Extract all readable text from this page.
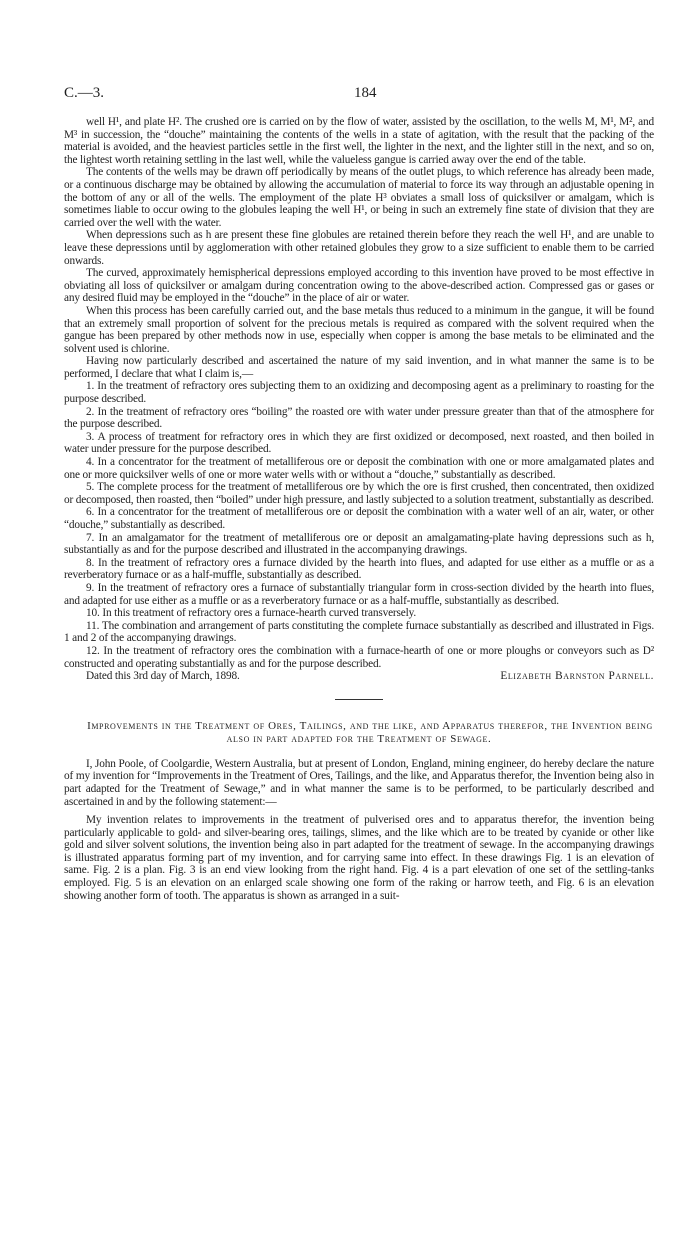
C.—3.	184

well H¹, and plate H². The crushed ore is carried on by the flow of water, assisted by the oscillation, to the wells M, M¹, M², and M³ in succession, the “douche” maintaining the contents of the wells in a state of agitation, with the result that the packing of the material is avoided, and the heaviest particles settle in the first well, the lighter in the next, and the lighter still in the next, and so on, the lightest worth retaining settling in the last well, while the valueless gangue is carried away over the end of the table.

The contents of the wells may be drawn off periodically by means of the outlet plugs, to which reference has already been made, or a continuous discharge may be obtained by allowing the accumulation of material to force its way through an adjustable opening in the bottom of any or all of the wells. The employment of the plate H³ obviates a small loss of quicksilver or amalgam, which is sometimes liable to occur owing to the globules leaping the well H¹, or being in such an extremely fine state of division that they are carried over the well with the water.

When depressions such as h are present these fine globules are retained therein before they reach the well H¹, and are unable to leave these depressions until by agglomeration with other retained globules they grow to a size sufficient to enable them to be carried onwards.

The curved, approximately hemispherical depressions employed according to this invention have proved to be most effective in obviating all loss of quicksilver or amalgam during concentration owing to the above-described action. Compressed gas or gases or any desired fluid may be employed in the “douche” in the place of air or water.

When this process has been carefully carried out, and the base metals thus reduced to a minimum in the gangue, it will be found that an extremely small proportion of solvent for the precious metals is required as compared with the solvent required when the gangue has been prepared by other methods now in use, especially when copper is among the base metals to be eliminated and the solvent used is chlorine.

Having now particularly described and ascertained the nature of my said invention, and in what manner the same is to be performed, I declare that what I claim is,—

1. In the treatment of refractory ores subjecting them to an oxidizing and decomposing agent as a preliminary to roasting for the purpose described.

2. In the treatment of refractory ores “boiling” the roasted ore with water under pressure greater than that of the atmosphere for the purpose described.

3. A process of treatment for refractory ores in which they are first oxidized or decomposed, next roasted, and then boiled in water under pressure for the purpose described.

4. In a concentrator for the treatment of metalliferous ore or deposit the combination with one or more amalgamated plates and one or more quicksilver wells of one or more water wells with or without a “douche,” substantially as described.

5. The complete process for the treatment of metalliferous ore by which the ore is first crushed, then concentrated, then oxidized or decomposed, then roasted, then “boiled” under high pressure, and lastly subjected to a solution treatment, substantially as described.

6. In a concentrator for the treatment of metalliferous ore or deposit the combination with a water well of an air, water, or other “douche,” substantially as described.

7. In an amalgamator for the treatment of metalliferous ore or deposit an amalgamating-plate having depressions such as h, substantially as and for the purpose described and illustrated in the accompanying drawings.

8. In the treatment of refractory ores a furnace divided by the hearth into flues, and adapted for use either as a muffle or as a reverberatory furnace or as a half-muffle, substantially as described.

9. In the treatment of refractory ores a furnace of substantially triangular form in cross-section divided by the hearth into flues, and adapted for use either as a muffle or as a reverberatory furnace or as a half-muffle, substantially as described.

10. In this treatment of refractory ores a furnace-hearth curved transversely.

11. The combination and arrangement of parts constituting the complete furnace substantially as described and illustrated in Figs. 1 and 2 of the accompanying drawings.

12. In the treatment of refractory ores the combination with a furnace-hearth of one or more ploughs or conveyors such as D² constructed and operating substantially as and for the purpose described.

Dated this 3rd day of March, 1898.	Elizabeth Barnston Parnell.

Improvements in the Treatment of Ores, Tailings, and the like, and Apparatus therefor, the Invention being also in part adapted for the Treatment of Sewage.

I, John Poole, of Coolgardie, Western Australia, but at present of London, England, mining engineer, do hereby declare the nature of my invention for “Improvements in the Treatment of Ores, Tailings, and the like, and Apparatus therefor, the Invention being also in part adapted for the Treatment of Sewage,” and in what manner the same is to be performed, to be particularly described and ascertained in and by the following statement:—

My invention relates to improvements in the treatment of pulverised ores and to apparatus therefor, the invention being particularly applicable to gold- and silver-bearing ores, tailings, slimes, and the like which are to be treated by cyanide or other like gold and silver solvent solutions, the invention being also in part adapted for the treatment of sewage. In the accompanying drawings is illustrated apparatus forming part of my invention, and for carrying same into effect. In these drawings Fig. 1 is an elevation of same. Fig. 2 is a plan. Fig. 3 is an end view looking from the right hand. Fig. 4 is a part elevation of one set of the settling-tanks employed. Fig. 5 is an elevation on an enlarged scale showing one form of the raking or harrow teeth, and Fig. 6 is an elevation showing another form of tooth. The apparatus is shown as arranged in a suit-
